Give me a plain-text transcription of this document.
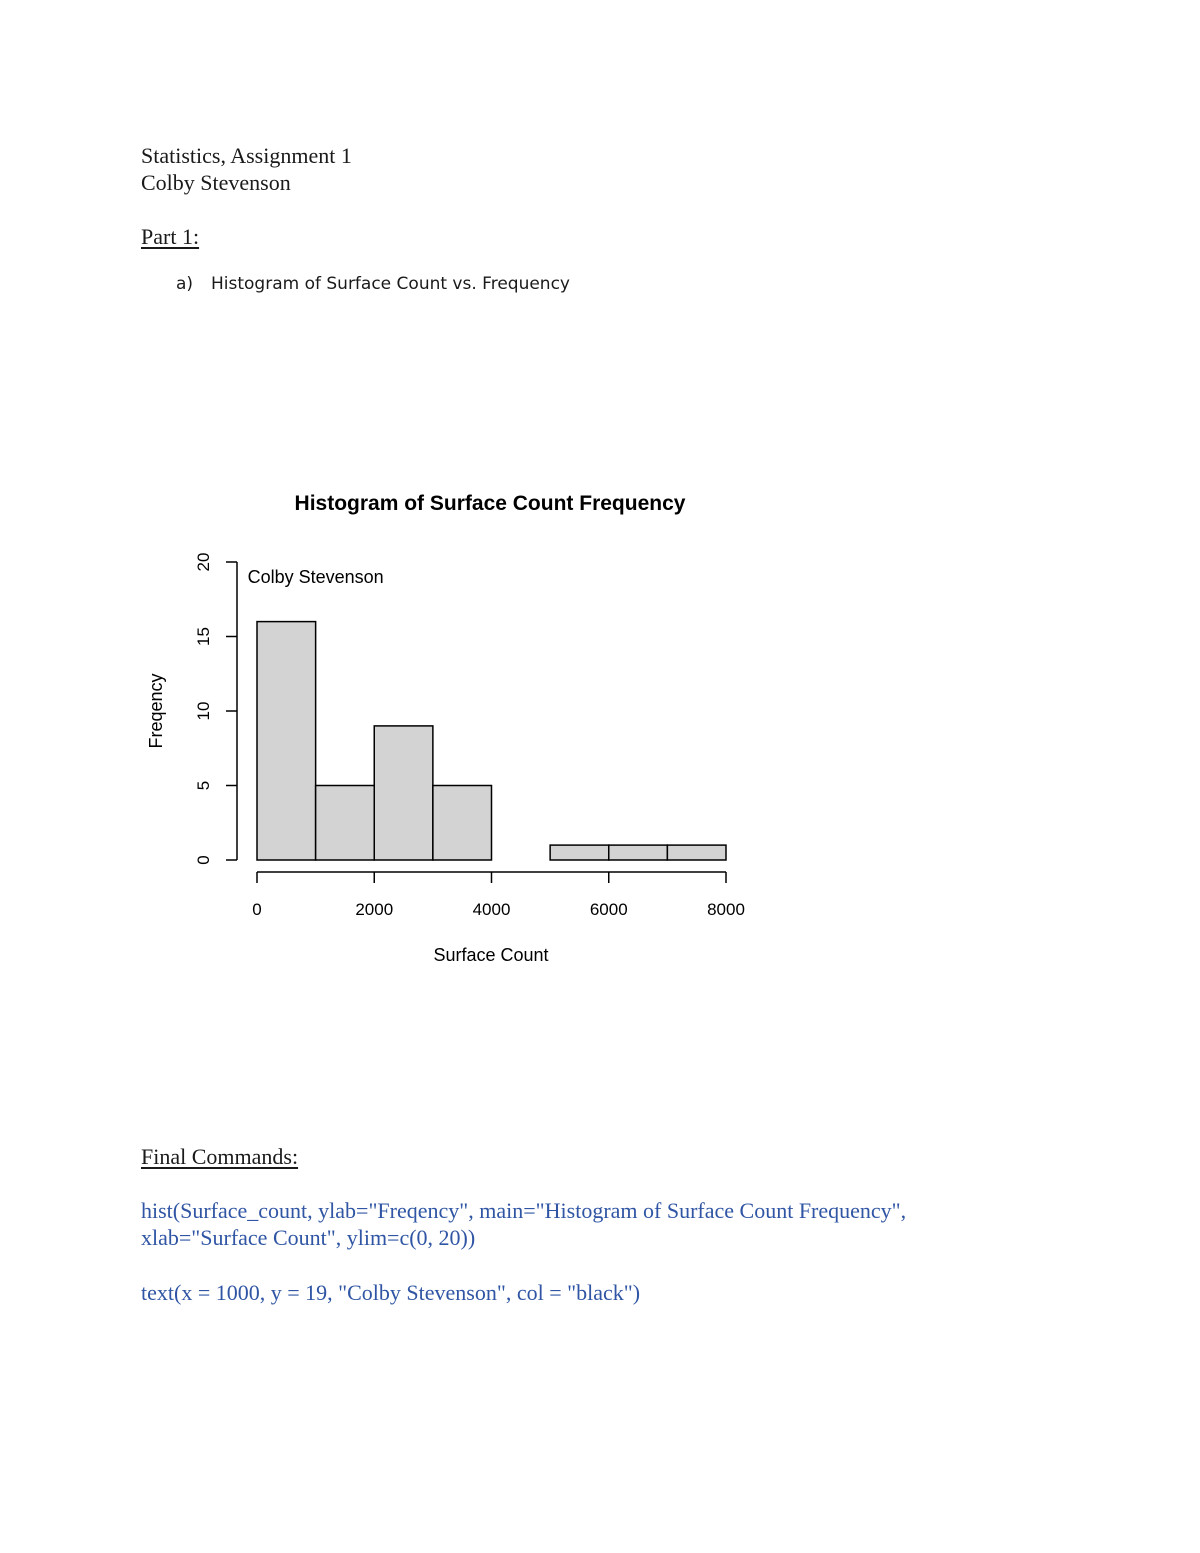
Statistics, Assignment 1
Colby Stevenson
Part 1:
a) Histogram of Surface Count vs. Frequency
Histogram of Surface Count Frequency
0
5
10
15
20
0	2000	4000	6000	8000
Freqency
Surface Count
Colby Stevenson
Final Commands:
hist(Surface_count, ylab="Freqency", main="Histogram of Surface Count Frequency",
xlab="Surface Count", ylim=c(0, 20))
text(x = 1000, y = 19, "Colby Stevenson", col = "black")
